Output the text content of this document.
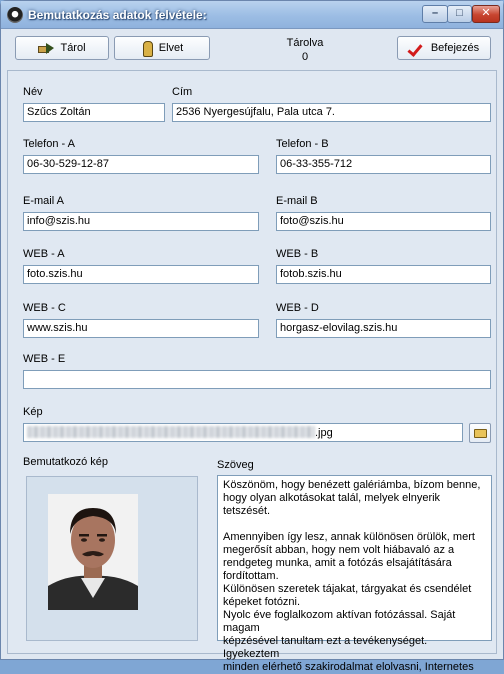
Bemutatkozás adatok felvétele:	–	□	✕
Tárol	Elvet	Tárolva
0
Befejezés
Név
Szűcs Zoltán
Cím
2536 Nyergesújfalu, Pala utca 7.
Telefon - A
06-30-529-12-87
Telefon - B
06-33-355-712
E-mail A
info@szis.hu
E-mail B
foto@szis.hu
WEB - A
foto.szis.hu
WEB - B
fotob.szis.hu
WEB - C
www.szis.hu
WEB - D
horgasz-elovilag.szis.hu
WEB - E
Kép
.jpg
Bemutatkozó kép	Szöveg
Köszönöm, hogy benézett galériámba, bízom benne,
hogy olyan alkotásokat talál, melyek elnyerik tetszését.

Amennyiben így lesz, annak különösen örülök, mert
megerősít abban, hogy nem volt hiábavaló az a
rendgeteg munka, amit a fotózás elsajátítására
fordítottam.
Különösen szeretek tájakat, tárgyakat és csendélet
képeket fotózni.
Nyolc éve foglalkozom aktívan fotózással. Saját magam
képzésével tanultam ezt a tevékenységet. Igyekeztem
minden elérhető szakirodalmat elolvasni, Internetes
